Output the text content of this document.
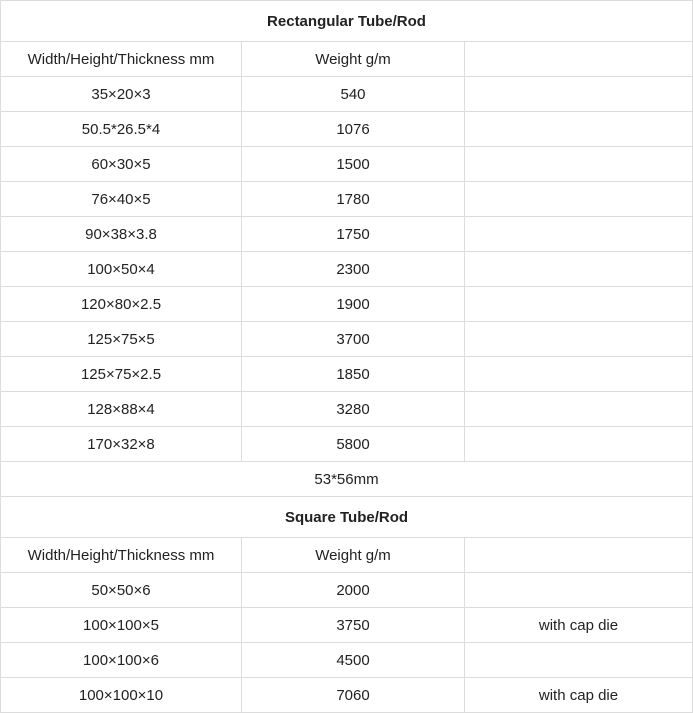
Rectangular Tube/Rod		
Width/Height/Thickness mm	Weight g/m	
35×20×3	540	
50.5*26.5*4	1076	
60×30×5	1500	
76×40×5	1780	
90×38×3.8	1750	
100×50×4	2300	
120×80×2.5	1900	
125×75×5	3700	
125×75×2.5	1850	
128×88×4	3280	
170×32×8	5800	
53*56mm		
Square Tube/Rod		
Width/Height/Thickness mm	Weight g/m	
50×50×6	2000	
100×100×5	3750	with cap die
100×100×6	4500	
100×100×10	7060	with cap die
